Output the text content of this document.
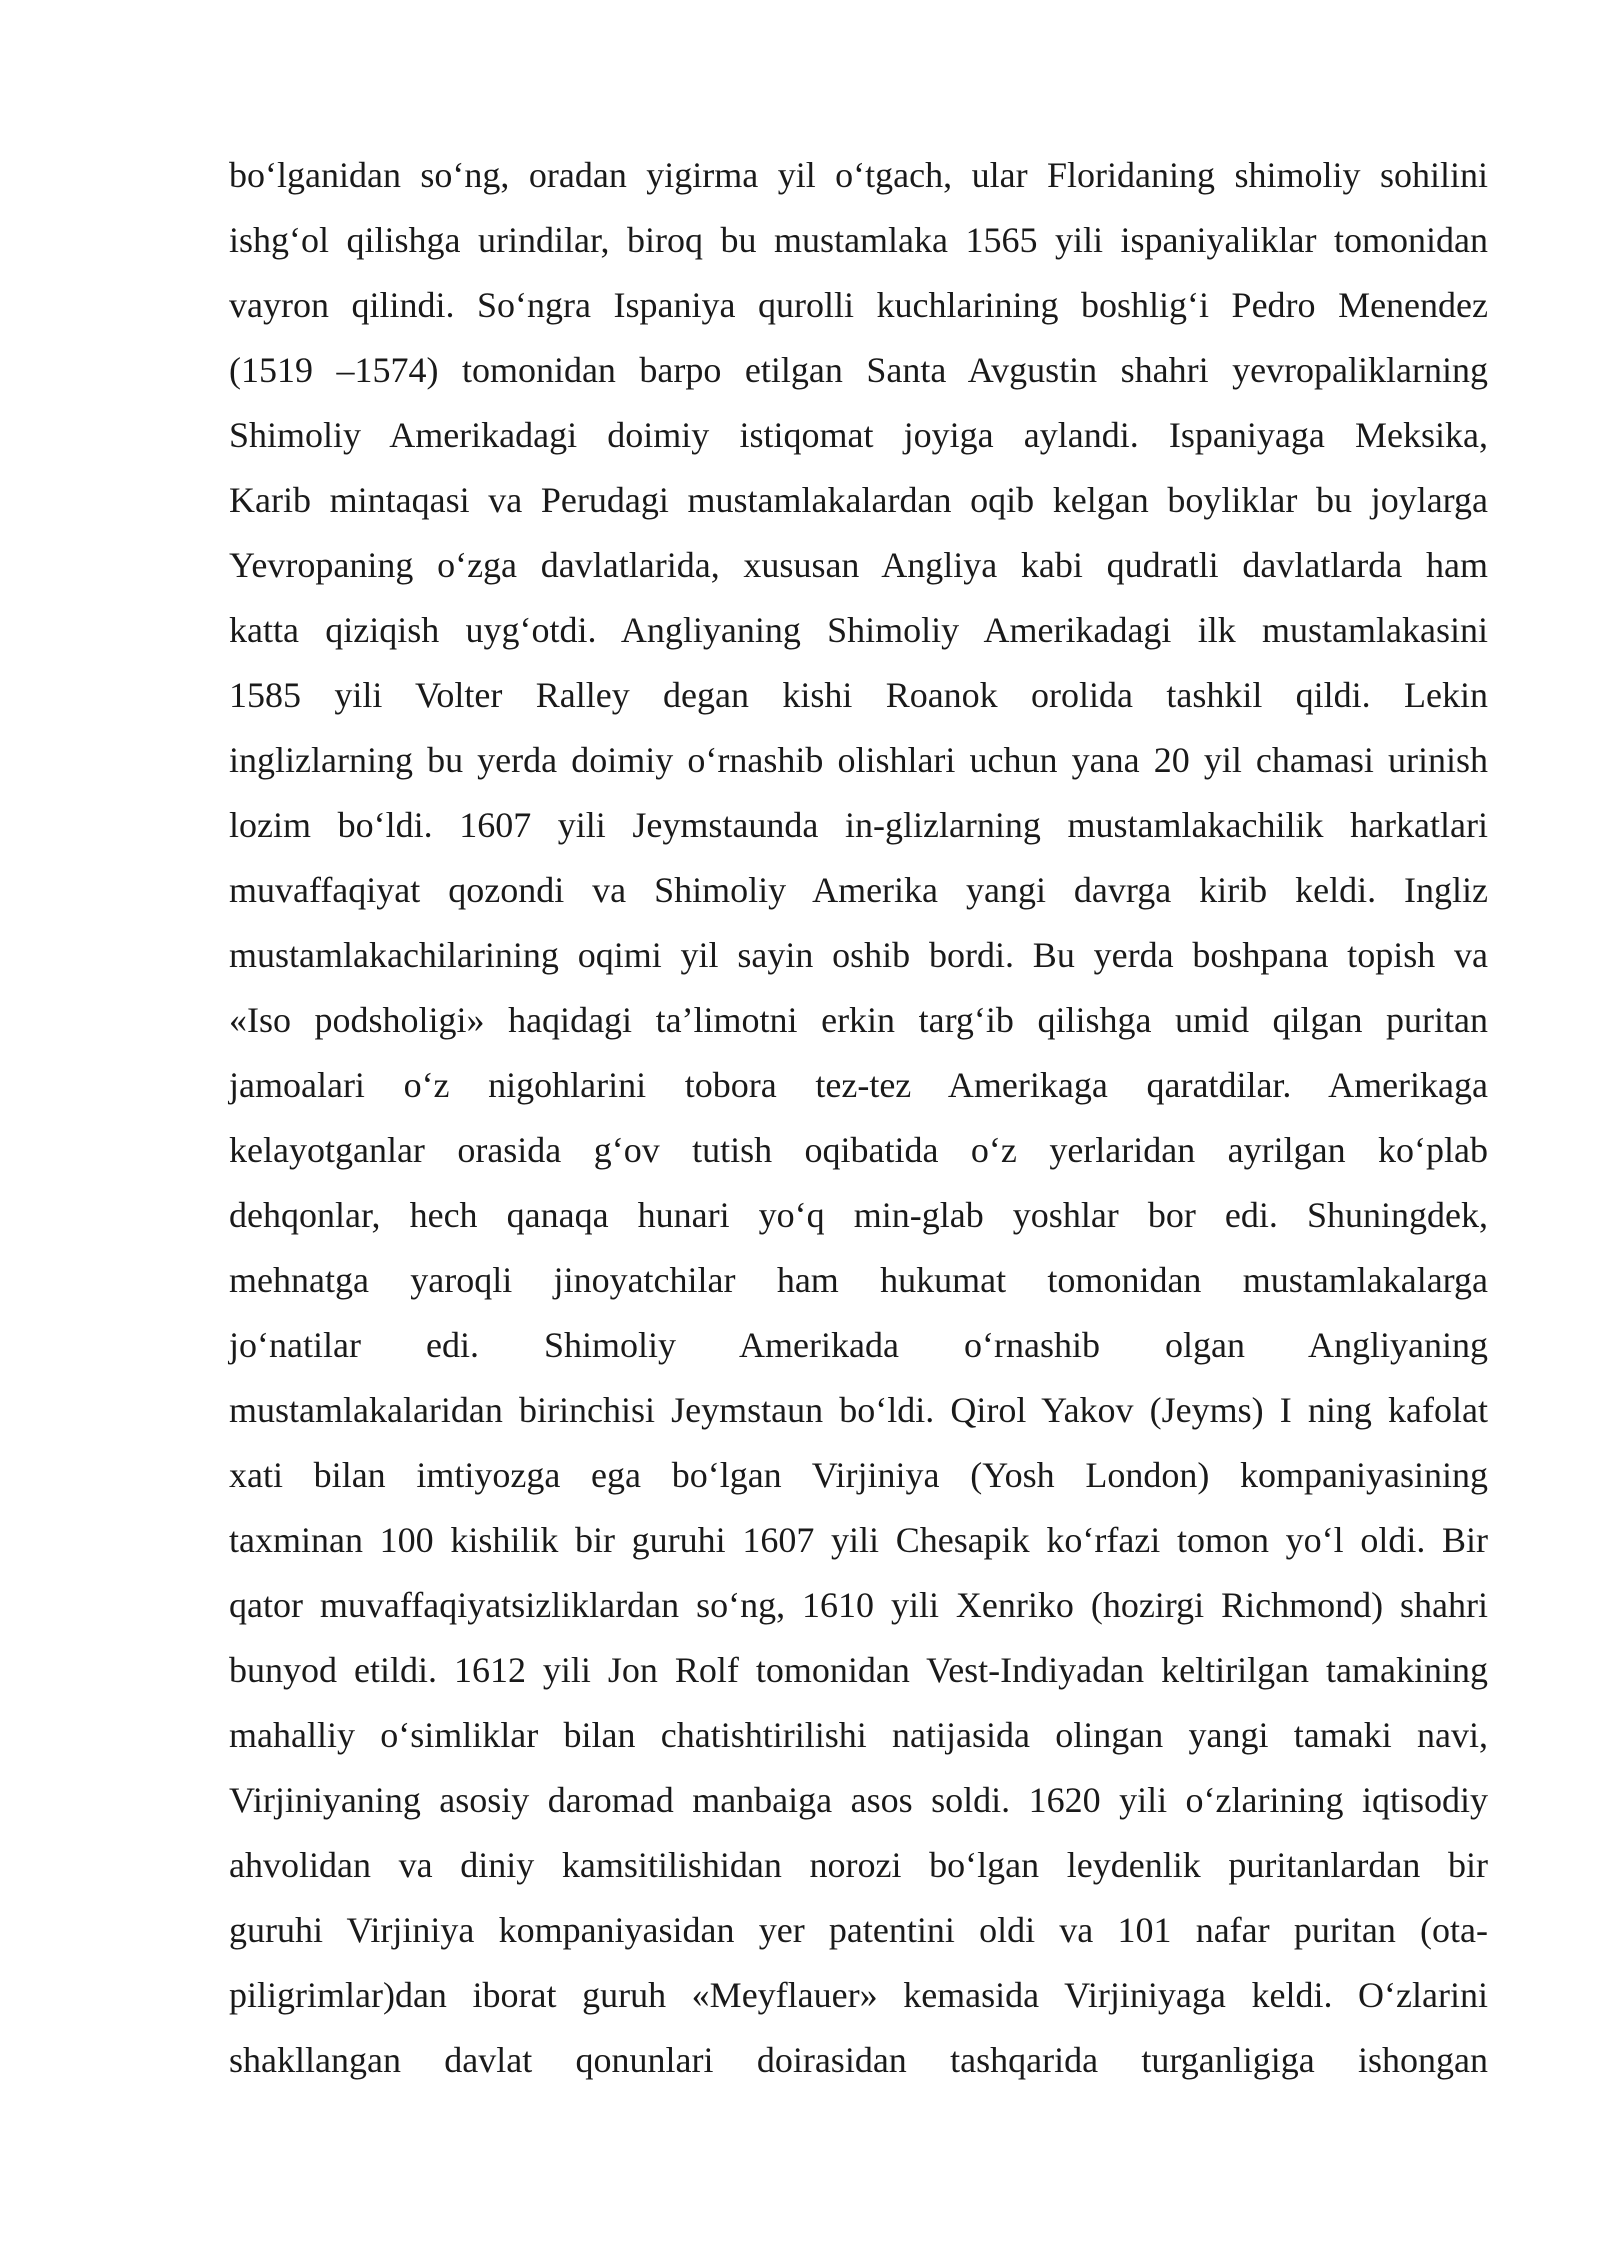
bo‘lganidan so‘ng, oradan yigirma yil o‘tgach, ular Floridaning shimoliy sohilini
ishg‘ol qilishga urindilar, biroq bu mustamlaka 1565 yili ispaniyaliklar tomonidan
vayron qilindi. So‘ngra Ispaniya qurolli kuchlarining boshlig‘i Pedro Menendez
(1519 –1574) tomonidan barpo etilgan Santa Avgustin shahri yevropaliklarning
Shimoliy Amerikadagi doimiy istiqomat joyiga aylandi. Ispaniyaga Meksika,
Karib mintaqasi va Perudagi mustamlakalardan oqib kelgan boyliklar bu joylarga
Yevropaning o‘zga davlatlarida, xususan Angliya kabi qudratli davlatlarda ham
katta qiziqish uyg‘otdi. Angliyaning Shimoliy Amerikadagi ilk mustamlakasini
1585 yili Volter Ralley degan kishi Roanok orolida tashkil qildi. Lekin
inglizlarning bu yerda doimiy o‘rnashib olishlari uchun yana 20 yil chamasi urinish
lozim bo‘ldi. 1607 yili Jeymstaunda in-glizlarning mustamlakachilik harkatlari
muvaffaqiyat qozondi va Shimoliy Amerika yangi davrga kirib keldi. Ingliz
mustamlakachilarining oqimi yil sayin oshib bordi. Bu yerda boshpana topish va
«Iso podsholigi» haqidagi ta’limotni erkin targ‘ib qilishga umid qilgan puritan
jamoalari o‘z nigohlarini tobora tez-tez Amerikaga qaratdilar. Amerikaga
kelayotganlar orasida g‘ov tutish oqibatida o‘z yerlaridan ayrilgan ko‘plab
dehqonlar, hech qanaqa hunari yo‘q min-glab yoshlar bor edi. Shuningdek,
mehnatga yaroqli jinoyatchilar ham hukumat tomonidan mustamlakalarga
jo‘natilar edi. Shimoliy Amerikada o‘rnashib olgan Angliyaning
mustamlakalaridan birinchisi Jeymstaun bo‘ldi. Qirol Yakov (Jeyms) I ning kafolat
xati bilan imtiyozga ega bo‘lgan Virjiniya (Yosh London) kompaniyasining
taxminan 100 kishilik bir guruhi 1607 yili Chesapik ko‘rfazi tomon yo‘l oldi. Bir
qator muvaffaqiyatsizliklardan so‘ng, 1610 yili Xenriko (hozirgi Richmond) shahri
bunyod etildi. 1612 yili Jon Rolf tomonidan Vest-Indiyadan keltirilgan tamakining
mahalliy o‘simliklar bilan chatishtirilishi natijasida olingan yangi tamaki navi,
Virjiniyaning asosiy daromad manbaiga asos soldi. 1620 yili o‘zlarining iqtisodiy
ahvolidan va diniy kamsitilishidan norozi bo‘lgan leydenlik puritanlardan bir
guruhi Virjiniya kompaniyasidan yer patentini oldi va 101 nafar puritan (ota-
piligrimlar)dan iborat guruh «Meyflauer» kemasida Virjiniyaga keldi. O‘zlarini
shakllangan davlat qonunlari doirasidan tashqarida turganligiga ishongan
